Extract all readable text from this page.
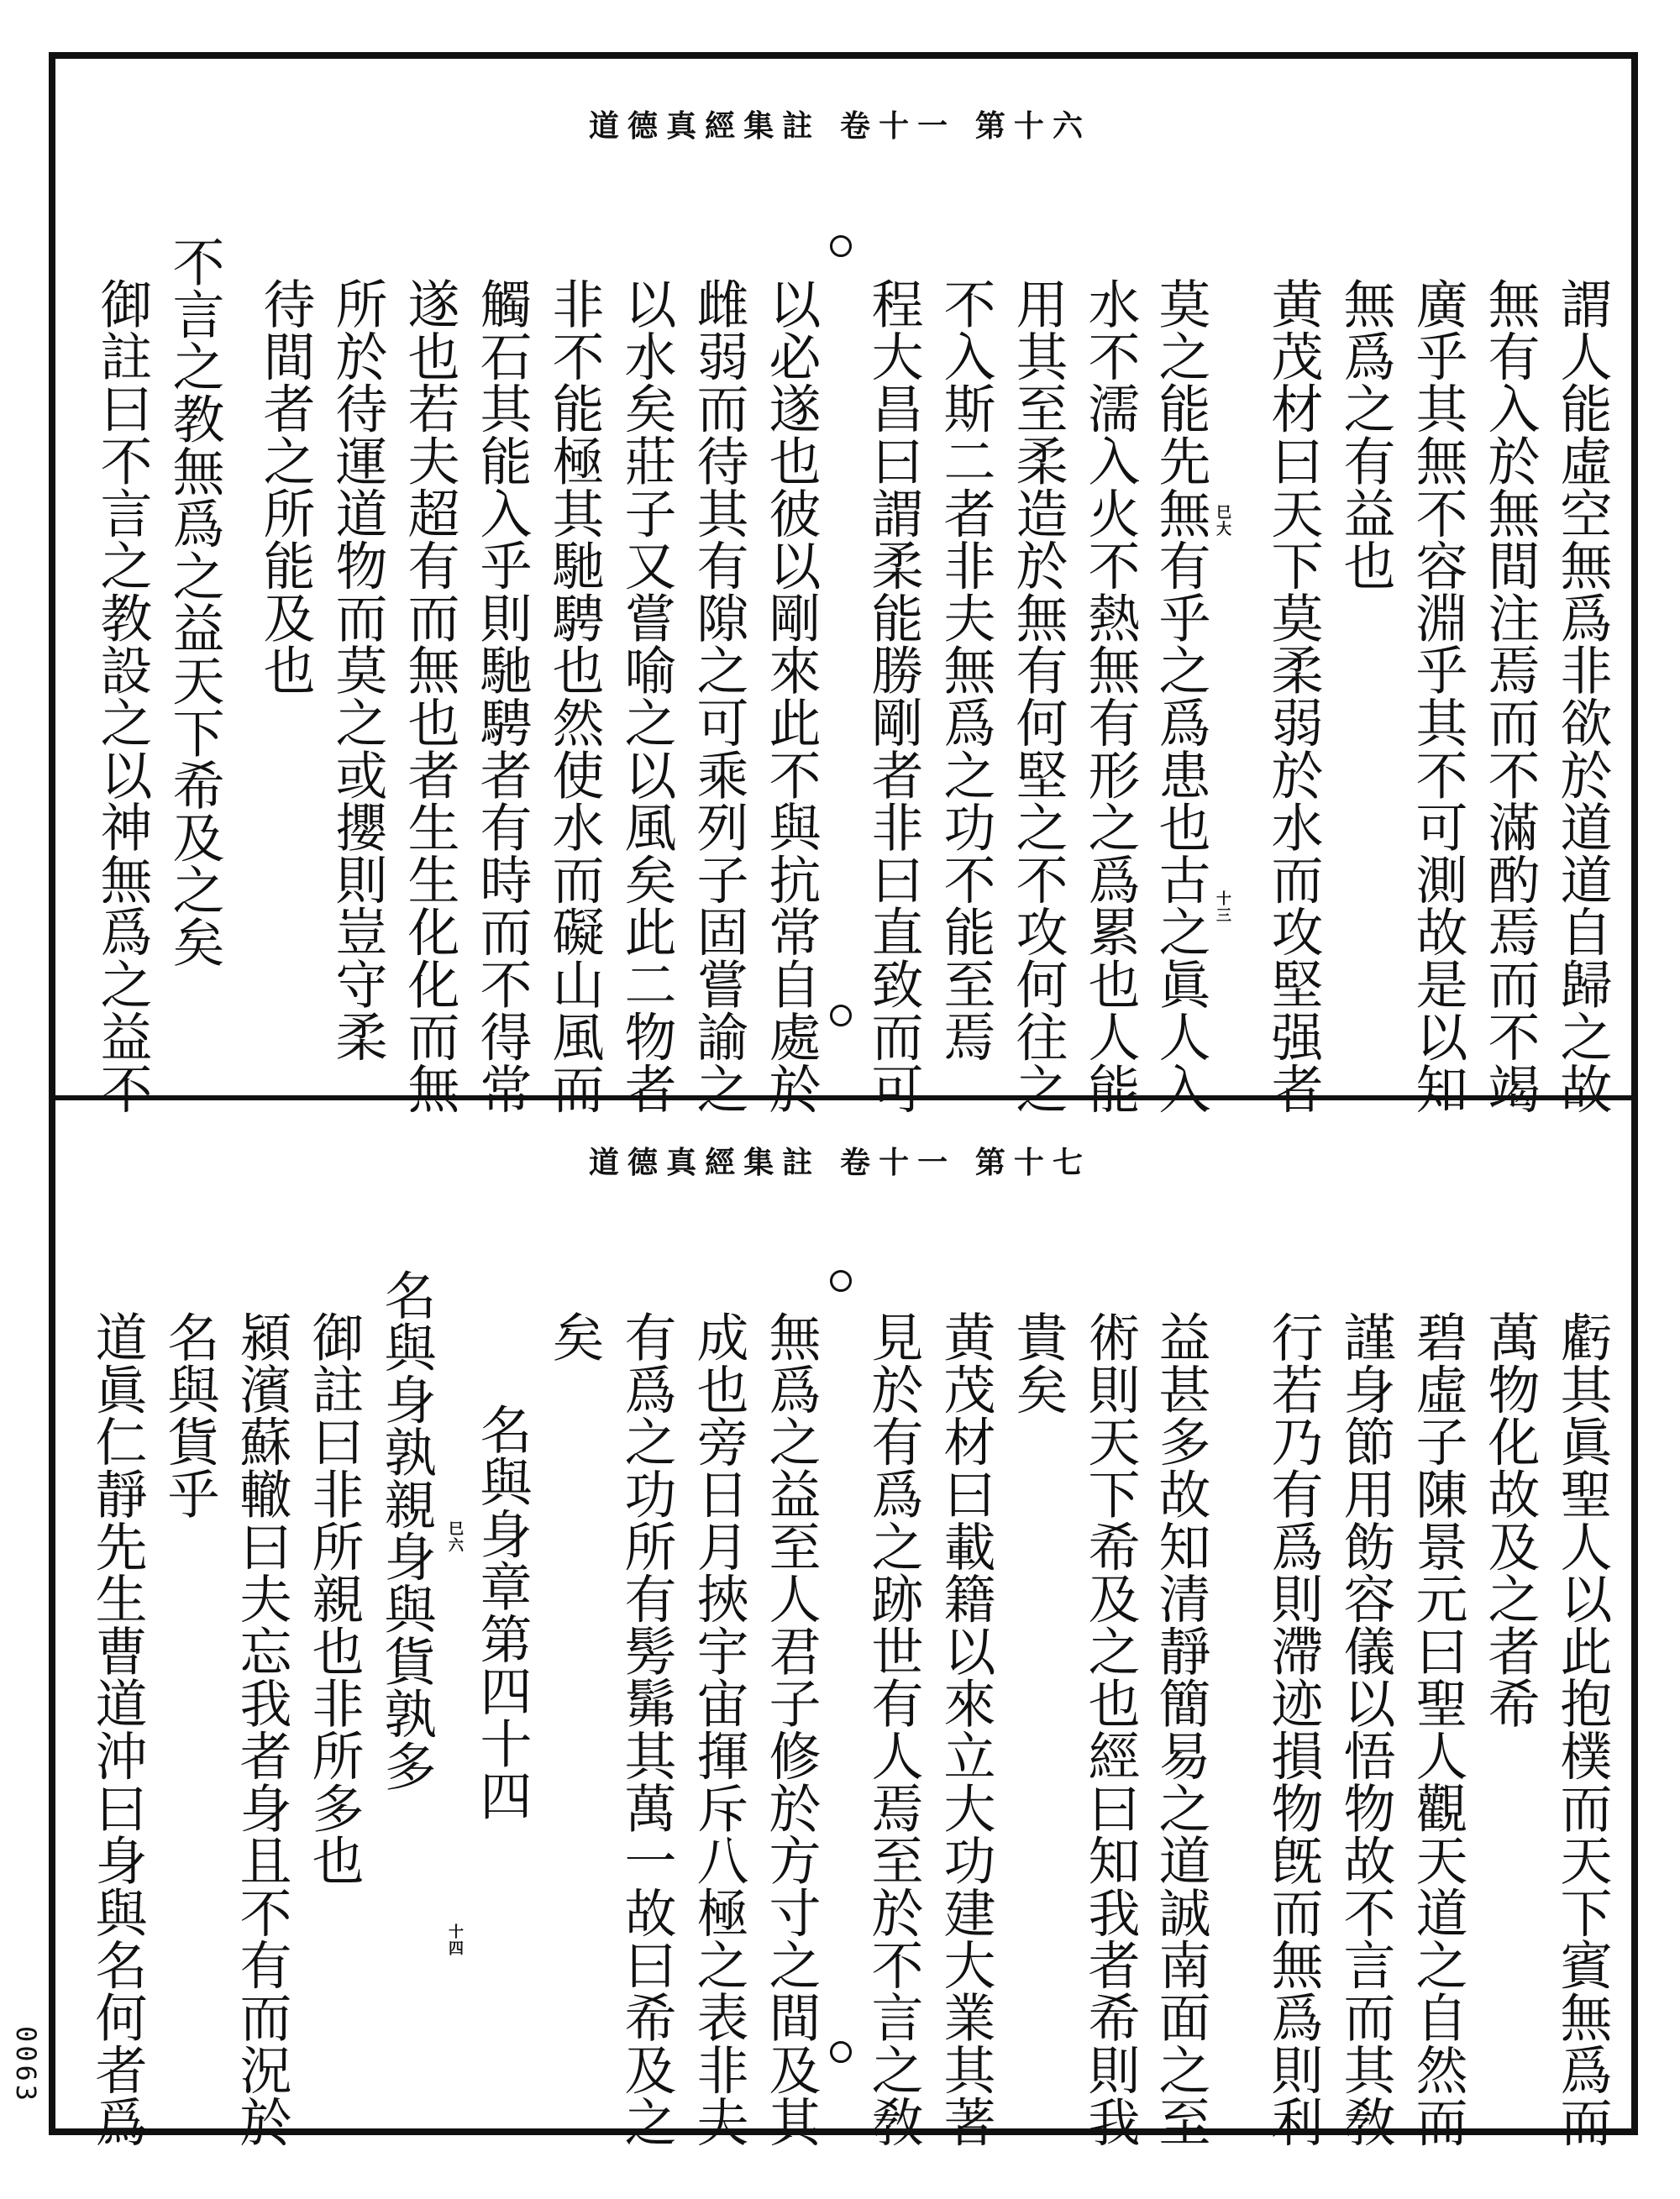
道德真經集註 卷十一 第十六
道德真經集註 卷十一 第十七
巳大
十三
巳六
十四
謂人能虛空無爲非欲於道道自歸之故
無有入於無間注焉而不滿酌焉而不竭
廣乎其無不容淵乎其不可測故是以知
無爲之有益也
黄茂材曰天下莫柔弱於水而攻堅强者
莫之能先無有乎之爲患也古之眞人入
水不濡入火不熱無有形之爲累也人能
用其至柔造於無有何堅之不攻何往之
不入斯二者非夫無爲之功不能至焉
程大昌曰謂柔能勝剛者非曰直致而可
以必遂也彼以剛來此不與抗常自處於
雌弱而待其有隙之可乘列子固嘗諭之
以水矣莊子又嘗喻之以風矣此二物者
非不能極其馳騁也然使水而礙山風而
觸石其能入乎則馳騁者有時而不得常
遂也若夫超有而無也者生生化化而無
所於待運道物而莫之或攖則豈守柔
待間者之所能及也
不言之教無爲之益天下希及之矣
御註曰不言之教設之以神無爲之益不
虧其眞聖人以此抱樸而天下賓無爲而
萬物化故及之者希
碧虛子陳景元曰聖人觀天道之自然而
謹身節用飭容儀以悟物故不言而其敎
行若乃有爲則滯迹損物旣而無爲則利
益甚多故知清靜簡易之道誠南面之至
術則天下希及之也經曰知我者希則我
貴矣
黄茂材曰載籍以來立大功建大業其著
見於有爲之跡世有人焉至於不言之敎
無爲之益至人君子修於方寸之間及其
成也旁日月挾宇宙揮斥八極之表非夫
有爲之功所有髣髴其萬一故曰希及之
矣
名與身章第四十四
名與身孰親身與貨孰多
御註曰非所親也非所多也
潁濱蘇轍曰夫忘我者身且不有而況於
名與貨乎
道眞仁靜先生曹道沖曰身與名何者爲
0063
